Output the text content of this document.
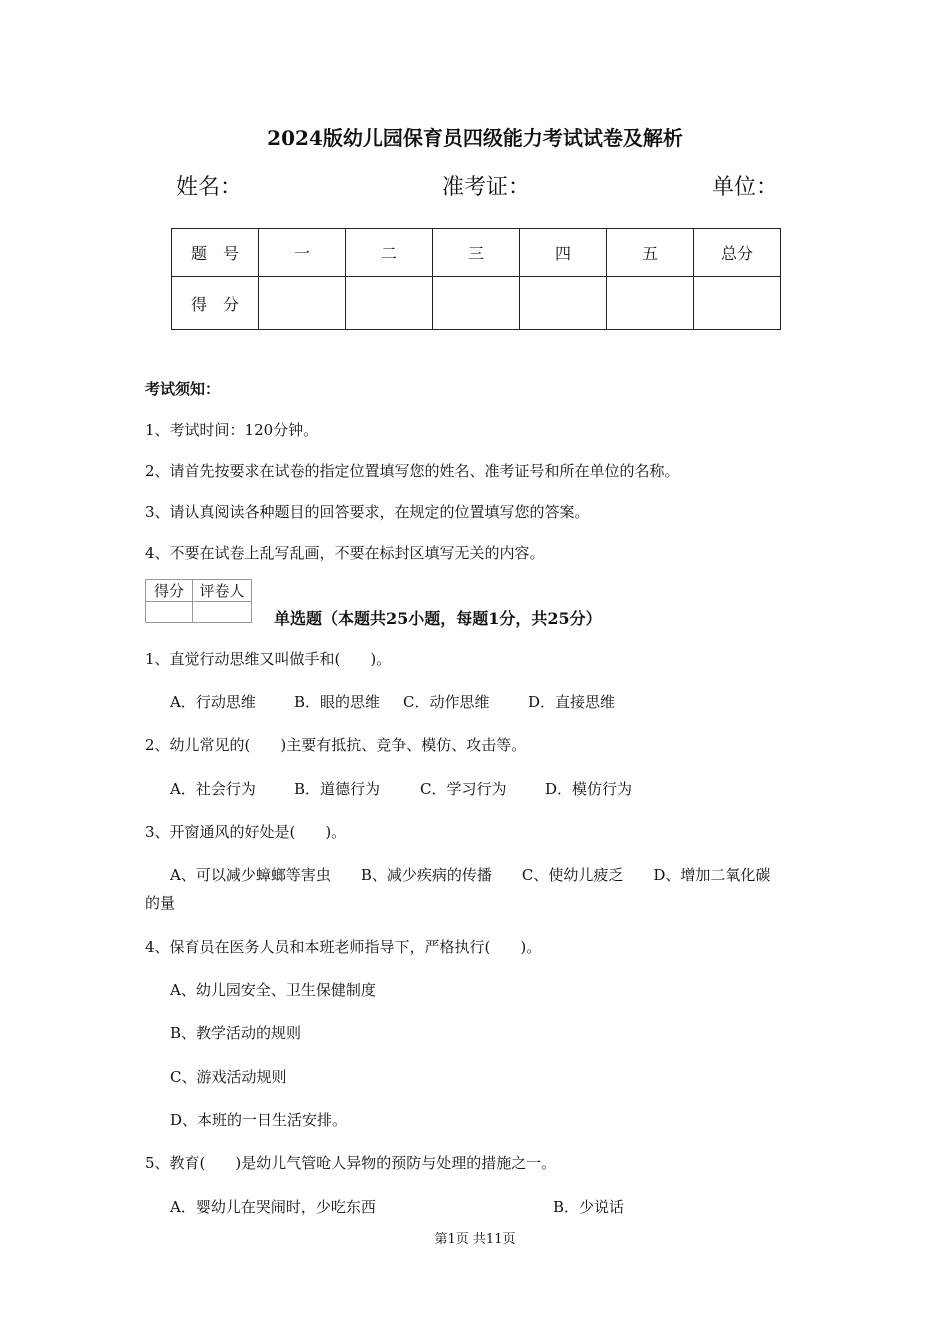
2024版幼儿园保育员四级能力考试试卷及解析
姓名：	准考证：	单位：
题　号	一	二	三	四	五	总分
得　分						
考试须知：
1、考试时间：120分钟。
2、请首先按要求在试卷的指定位置填写您的姓名、准考证号和所在单位的名称。
3、请认真阅读各种题目的回答要求，在规定的位置填写您的答案。
4、不要在试卷上乱写乱画，不要在标封区填写无关的内容。
得分	评卷人

单选题（本题共25小题，每题1分，共25分）
1、直觉行动思维又叫做手和(　　)。
A．行动思维	B．眼的思维 C．动作思维	D．直接思维
2、幼儿常见的(　　)主要有抵抗、竞争、模仿、攻击等。
A．社会行为	B．道德行为	C．学习行为	D．模仿行为
3、开窗通风的好处是(　　)。
A、可以减少蟑螂等害虫　　B、减少疾病的传播　　C、使幼儿疲乏　　D、增加二氧化碳
的量
4、保育员在医务人员和本班老师指导下，严格执行(　　)。
A、幼儿园安全、卫生保健制度
B、教学活动的规则
C、游戏活动规则
D、本班的一日生活安排。
5、教育(　　)是幼儿气管呛人异物的预防与处理的措施之一。
A．婴幼儿在哭闹时，少吃东西	B．少说话
第1页 共11页
